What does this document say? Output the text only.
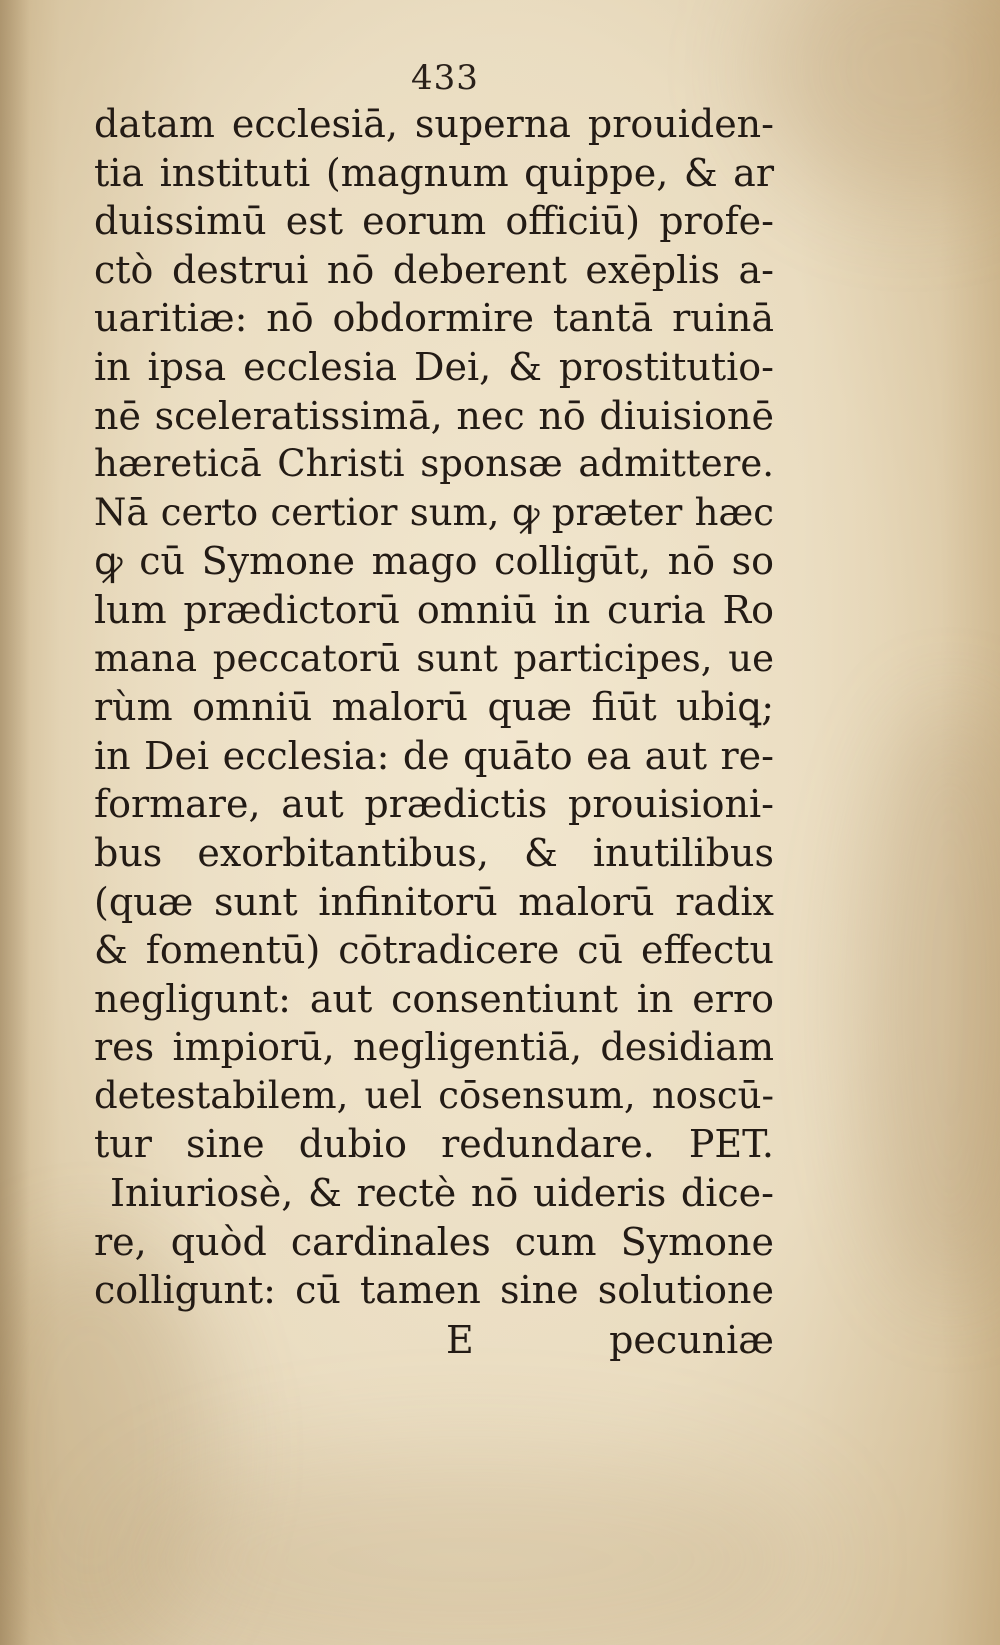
433
datam ecclesiā, superna prouiden-
tia instituti (magnum quippe, & ar
duissimū est eorum officiū) profe-
ctò destrui nō deberent exēplis a-
uaritiæ: nō obdormire tantā ruinā
in ipsa ecclesia Dei, & prostitutio-
nē sceleratissimā, nec nō diuisionē
hæreticā Christi sponsæ admittere.
Nā certo certior sum, ꝙ præter hæc
ꝙ cū Symone mago colligūt, nō so
lum prædictorū omniū in curia Ro
mana peccatorū sunt participes, ue
rùm omniū malorū quæ fiūt ubiꝗ;
in Dei ecclesia: de quāto ea aut re-
formare, aut prædictis prouisioni-
bus exorbitantibus, & inutilibus
(quæ sunt infinitorū malorū radix
& fomentū) cōtradicere cū effectu
negligunt: aut consentiunt in erro
res impiorū, negligentiā, desidiam
detestabilem, uel cōsensum, noscū-
tur sine dubio redundare. PET.
Iniuriosè, & rectè nō uideris dice-
re, quòd cardinales cum Symone
colligunt: cū tamen sine solutione
E	pecuniæ
